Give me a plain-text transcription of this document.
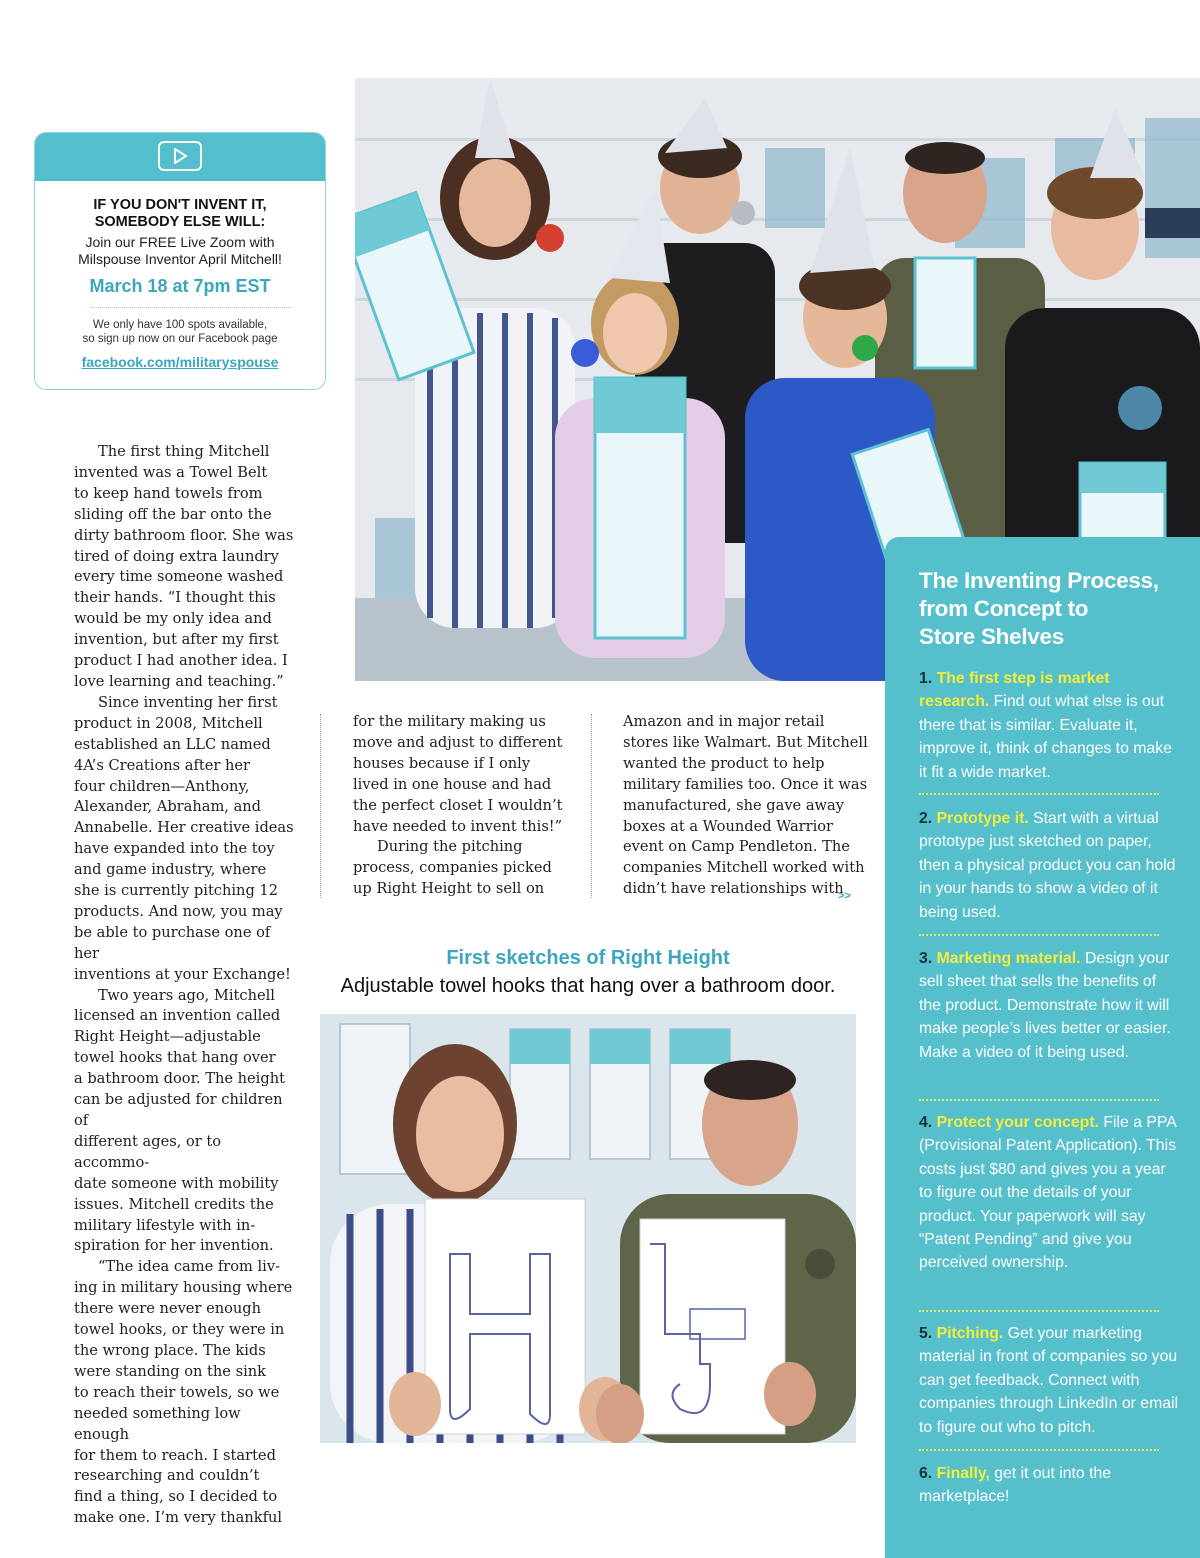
IF YOU DON'T INVENT IT,
SOMEBODY ELSE WILL:
Join our FREE Live Zoom with
Milspouse Inventor April Mitchell!
March 18 at 7pm EST
We only have 100 spots available,
so sign up now on our Facebook page
facebook.com/militaryspouse
The first thing Mitchell
invented was a Towel Belt
to keep hand towels from
sliding off the bar onto the
dirty bathroom floor. She was
tired of doing extra laundry
every time someone washed
their hands. “I thought this
would be my only idea and
invention, but after my first
product I had another idea. I
love learning and teaching.”
Since inventing her first
product in 2008, Mitchell
established an LLC named
4A’s Creations after her
four children—Anthony,
Alexander, Abraham, and
Annabelle. Her creative ideas
have expanded into the toy
and game industry, where
she is currently pitching 12
products. And now, you may
be able to purchase one of her
inventions at your Exchange!
Two years ago, Mitchell
licensed an invention called
Right Height—adjustable
towel hooks that hang over
a bathroom door. The height
can be adjusted for children of
different ages, or to accommo-
date someone with mobility
issues. Mitchell credits the
military lifestyle with in-
spiration for her invention.
“The idea came from liv-
ing in military housing where
there were never enough
towel hooks, or they were in
the wrong place. The kids
were standing on the sink
to reach their towels, so we
needed something low enough
for them to reach. I started
researching and couldn’t
find a thing, so I decided to
make one. I’m very thankful
for the military making us
move and adjust to different
houses because if I only
lived in one house and had
the perfect closet I wouldn’t
have needed to invent this!”
During the pitching
process, companies picked
up Right Height to sell on
Amazon and in major retail
stores like Walmart. But Mitchell
wanted the product to help
military families too. Once it was
manufactured, she gave away
boxes at a Wounded Warrior
event on Camp Pendleton. The
companies Mitchell worked with
didn’t have relationships with
>>
First sketches of Right Height
Adjustable towel hooks that hang over a bathroom door.
The Inventing Process,
from Concept to
Store Shelves
1. The first step is market research. Find out what else is out there that is similar. Evaluate it, improve it, think of changes to make it fit a wide market.
2. Prototype it. Start with a virtual prototype just sketched on paper, then a physical product you can hold in your hands to show a video of it being used.
3. Marketing material. Design your sell sheet that sells the benefits of the product. Demonstrate how it will make people’s lives better or easier. Make a video of it being used.
4. Protect your concept. File a PPA (Provisional Patent Application). This costs just $80 and gives you a year to figure out the details of your product. Your paperwork will say “Patent Pending” and give you perceived ownership.
5. Pitching. Get your marketing material in front of companies so you can get feedback. Connect with companies through LinkedIn or email to figure out who to pitch.
6. Finally, get it out into the marketplace!
